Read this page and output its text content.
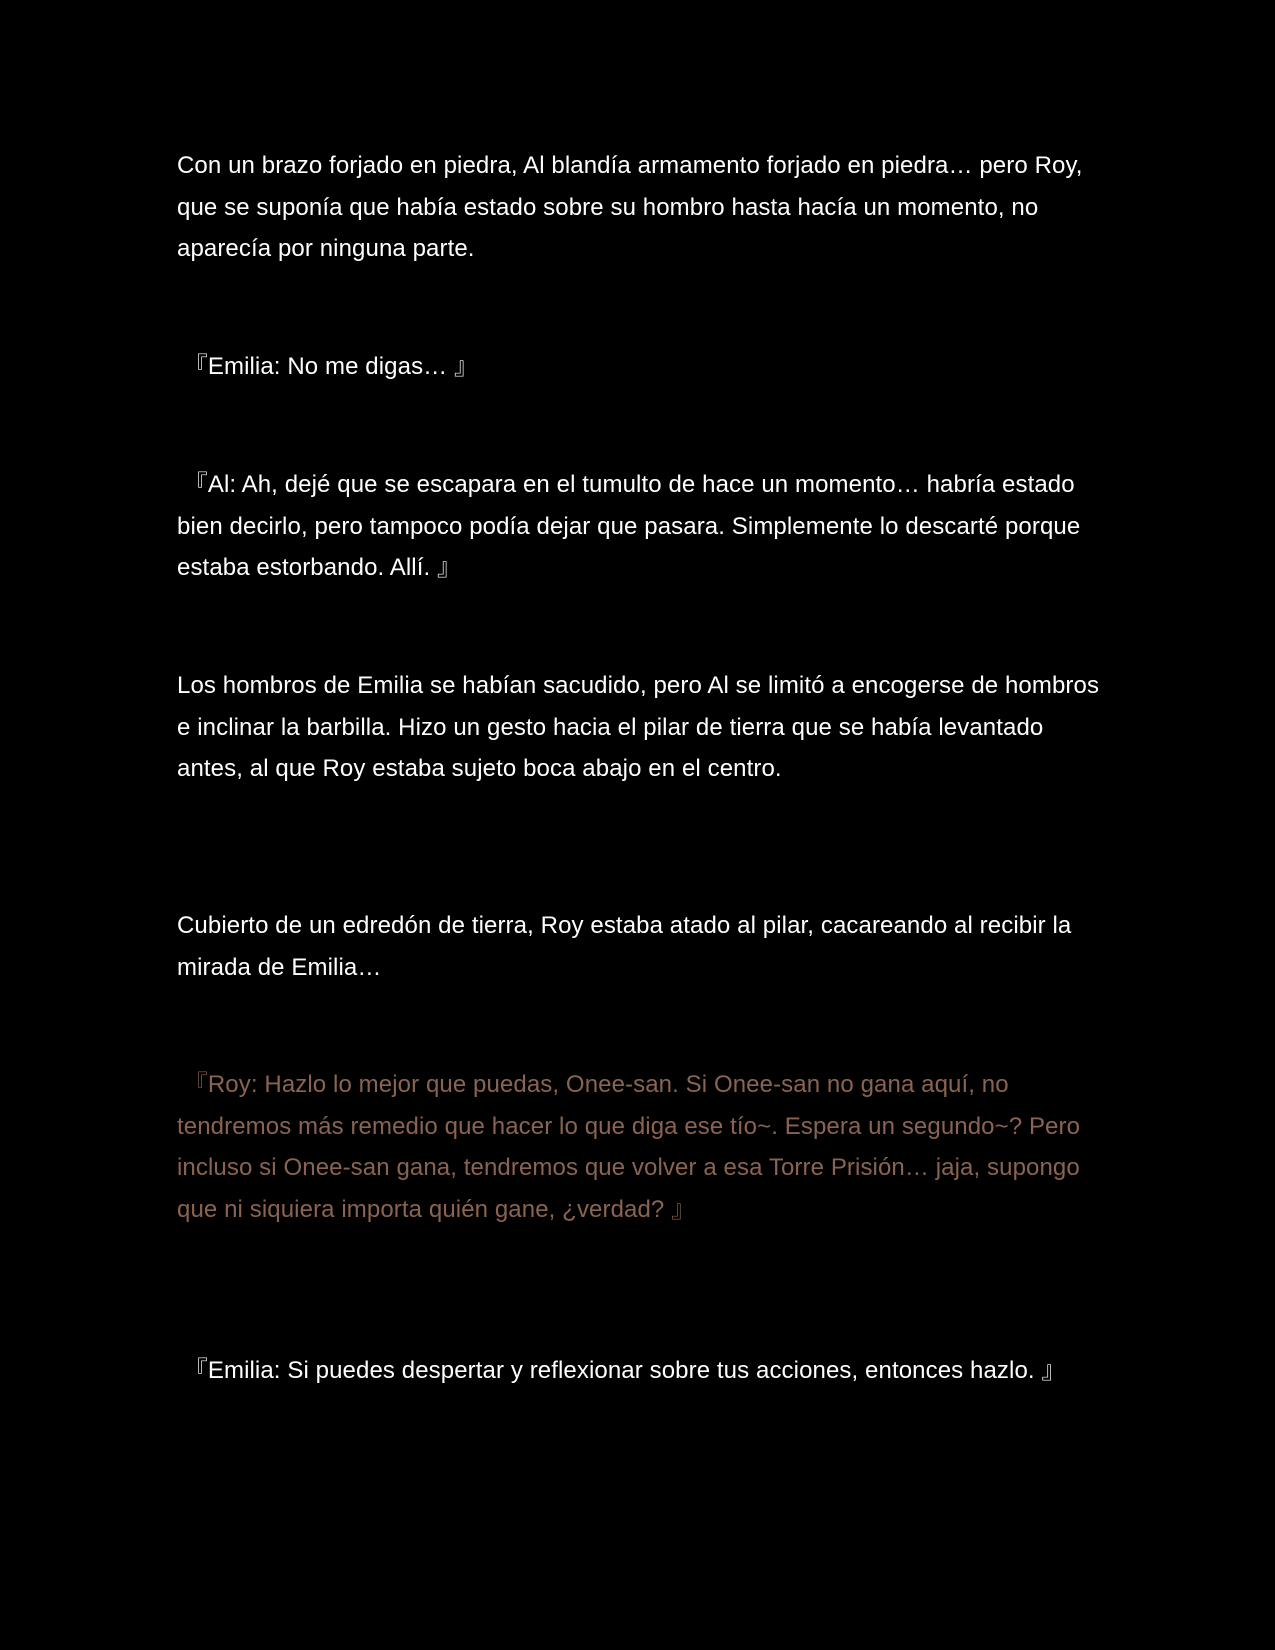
Con un brazo forjado en piedra, Al blandía armamento forjado en piedra… pero Roy, que se suponía que había estado sobre su hombro hasta hacía un momento, no aparecía por ninguna parte.

『Emilia: No me digas… 』

『Al: Ah, dejé que se escapara en el tumulto de hace un momento… habría estado bien decirlo, pero tampoco podía dejar que pasara. Simplemente lo descarté porque estaba estorbando. Allí. 』

Los hombros de Emilia se habían sacudido, pero Al se limitó a encogerse de hombros e inclinar la barbilla. Hizo un gesto hacia el pilar de tierra que se había levantado antes, al que Roy estaba sujeto boca abajo en el centro.

Cubierto de un edredón de tierra, Roy estaba atado al pilar, cacareando al recibir la mirada de Emilia…

『Roy: Hazlo lo mejor que puedas, Onee-san. Si Onee-san no gana aquí, no tendremos más remedio que hacer lo que diga ese tío~. Espera un segundo~? Pero incluso si Onee-san gana, tendremos que volver a esa Torre Prisión… jaja, supongo que ni siquiera importa quién gane, ¿verdad? 』

『Emilia: Si puedes despertar y reflexionar sobre tus acciones, entonces hazlo. 』
